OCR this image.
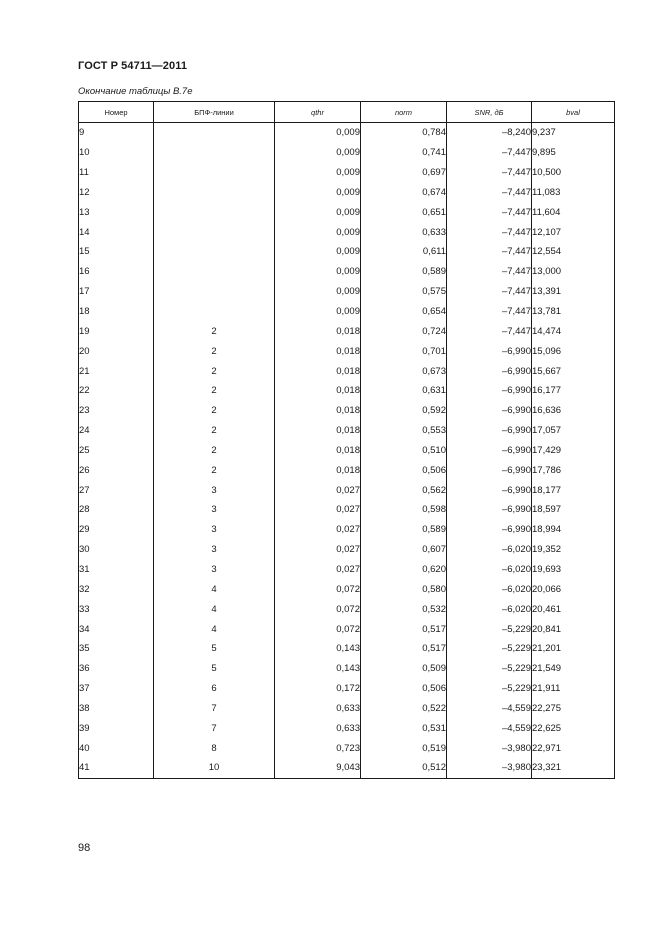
ГОСТ Р 54711—2011
Окончание таблицы В.7е
Номер	БПФ-линии	qthr	norm	SNR, дБ	bval
9		0,009	0,784	–8,240	9,237
10		0,009	0,741	–7,447	9,895
11		0,009	0,697	–7,447	10,500
12		0,009	0,674	–7,447	11,083
13		0,009	0,651	–7,447	11,604
14		0,009	0,633	–7,447	12,107
15		0,009	0,611	–7,447	12,554
16		0,009	0,589	–7,447	13,000
17		0,009	0,575	–7,447	13,391
18		0,009	0,654	–7,447	13,781
19	2	0,018	0,724	–7,447	14,474
20	2	0,018	0,701	–6,990	15,096
21	2	0,018	0,673	–6,990	15,667
22	2	0,018	0,631	–6,990	16,177
23	2	0,018	0,592	–6,990	16,636
24	2	0,018	0,553	–6,990	17,057
25	2	0,018	0,510	–6,990	17,429
26	2	0,018	0,506	–6,990	17,786
27	3	0,027	0,562	–6,990	18,177
28	3	0,027	0,598	–6,990	18,597
29	3	0,027	0,589	–6,990	18,994
30	3	0,027	0,607	–6,020	19,352
31	3	0,027	0,620	–6,020	19,693
32	4	0,072	0,580	–6,020	20,066
33	4	0,072	0,532	–6,020	20,461
34	4	0,072	0,517	–5,229	20,841
35	5	0,143	0,517	–5,229	21,201
36	5	0,143	0,509	–5,229	21,549
37	6	0,172	0,506	–5,229	21,911
38	7	0,633	0,522	–4,559	22,275
39	7	0,633	0,531	–4,559	22,625
40	8	0,723	0,519	–3,980	22,971
41	10	9,043	0,512	–3,980	23,321
98
